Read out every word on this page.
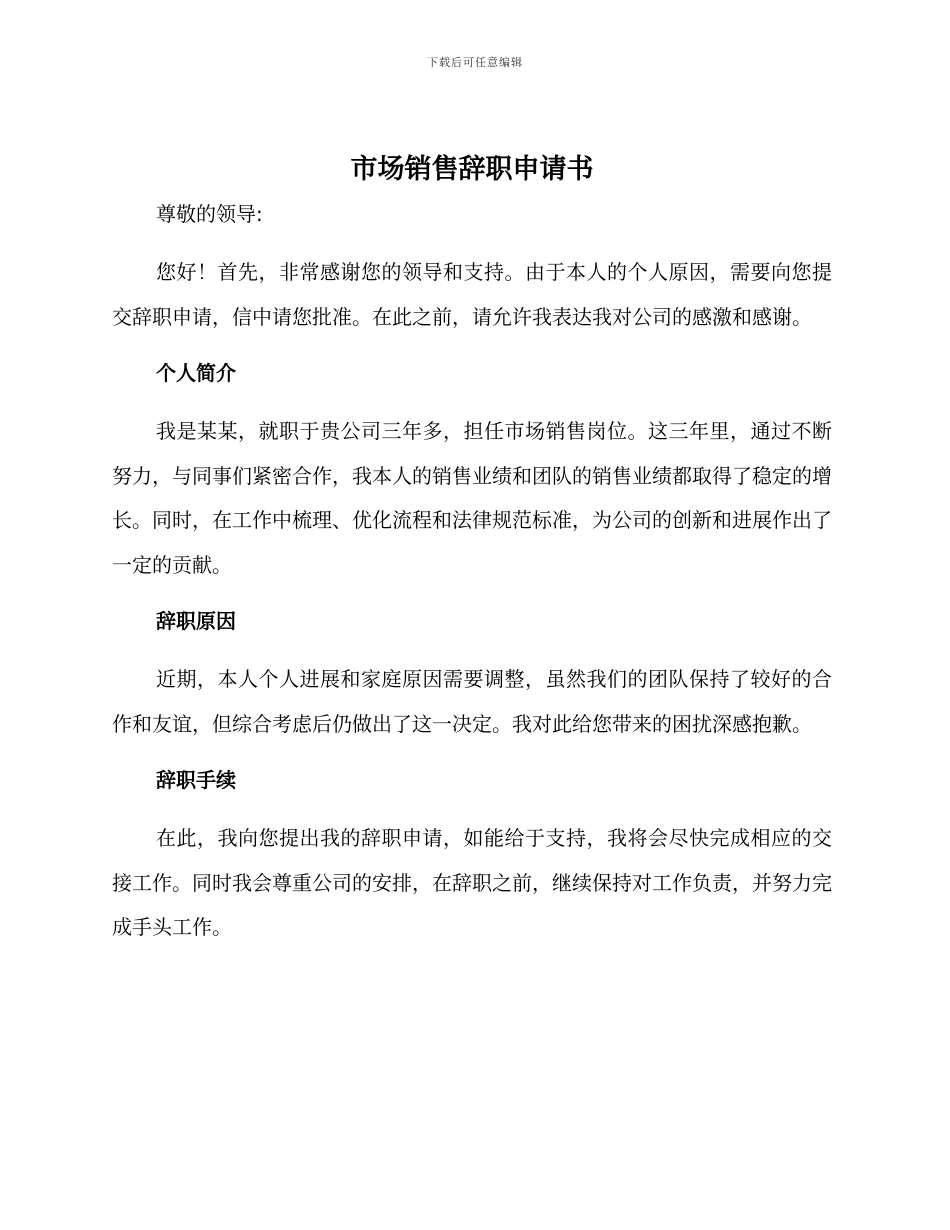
下载后可任意编辑
市场销售辞职申请书

尊敬的领导:

您好！首先，非常感谢您的领导和支持。由于本人的个人原因，需要向您提交辞职申请，信中请您批准。在此之前，请允许我表达我对公司的感激和感谢。

个人简介

我是某某，就职于贵公司三年多，担任市场销售岗位。这三年里，通过不断努力，与同事们紧密合作，我本人的销售业绩和团队的销售业绩都取得了稳定的增长。同时，在工作中梳理、优化流程和法律规范标准，为公司的创新和进展作出了一定的贡献。

辞职原因

近期，本人个人进展和家庭原因需要调整，虽然我们的团队保持了较好的合作和友谊，但综合考虑后仍做出了这一决定。我对此给您带来的困扰深感抱歉。

辞职手续

在此，我向您提出我的辞职申请，如能给于支持，我将会尽快完成相应的交接工作。同时我会尊重公司的安排，在辞职之前，继续保持对工作负责，并努力完成手头工作。
